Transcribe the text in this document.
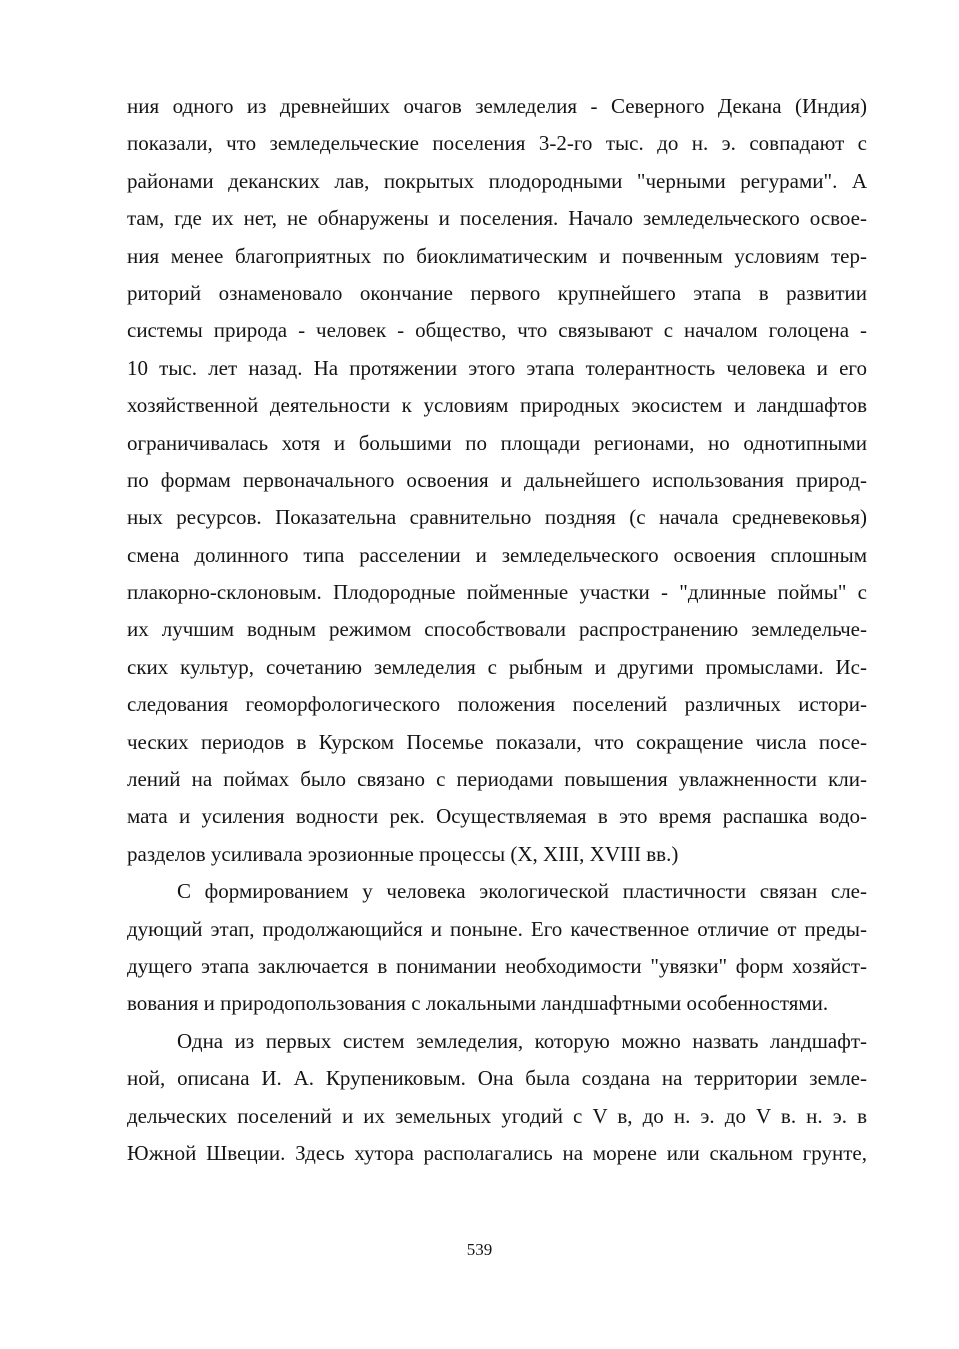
ния одного из древнейших очагов земледелия - Северного Декана (Индия)
показали, что земледельческие поселения 3-2-го тыс. до н. э. совпадают с
районами деканских лав, покрытых плодородными "черными регурами". А
там, где их нет, не обнаружены и поселения. Начало земледельческого освое-
ния менее благоприятных по биоклиматическим и почвенным условиям тер-
риторий ознаменовало окончание первого крупнейшего этапа в развитии
системы природа - человек - общество, что связывают с началом голоцена -
10 тыс. лет назад. На протяжении этого этапа толерантность человека и его
хозяйственной деятельности к условиям природных экосистем и ландшафтов
ограничивалась хотя и большими по площади регионами, но однотипными
по формам первоначального освоения и дальнейшего использования природ-
ных ресурсов. Показательна сравнительно поздняя (с начала средневековья)
смена долинного типа расселении и земледельческого освоения сплошным
плакорно-склоновым. Плодородные пойменные участки - "длинные поймы" с
их лучшим водным режимом способствовали распространению земледельче-
ских культур, сочетанию земледелия с рыбным и другими промыслами. Ис-
следования геоморфологического положения поселений различных истори-
ческих периодов в Курском Посемье показали, что сокращение числа посе-
лений на поймах было связано с периодами повышения увлажненности кли-
мата и усиления водности рек. Осуществляемая в это время распашка водо-
разделов усиливала эрозионные процессы (X, XIII, XVIII вв.)
С формированием у человека экологической пластичности связан сле-
дующий этап, продолжающийся и поныне. Его качественное отличие от преды-
дущего этапа заключается в понимании необходимости "увязки" форм хозяйст-
вования и природопользования с локальными ландшафтными особенностями.
Одна из первых систем земледелия, которую можно назвать ландшафт-
ной, описана И. А. Крупениковым. Она была создана на территории земле-
дельческих поселений и их земельных угодий с V в, до н. э. до V в. н. э. в
Южной Швеции. Здесь хутора располагались на морене или скальном грунте,
539
